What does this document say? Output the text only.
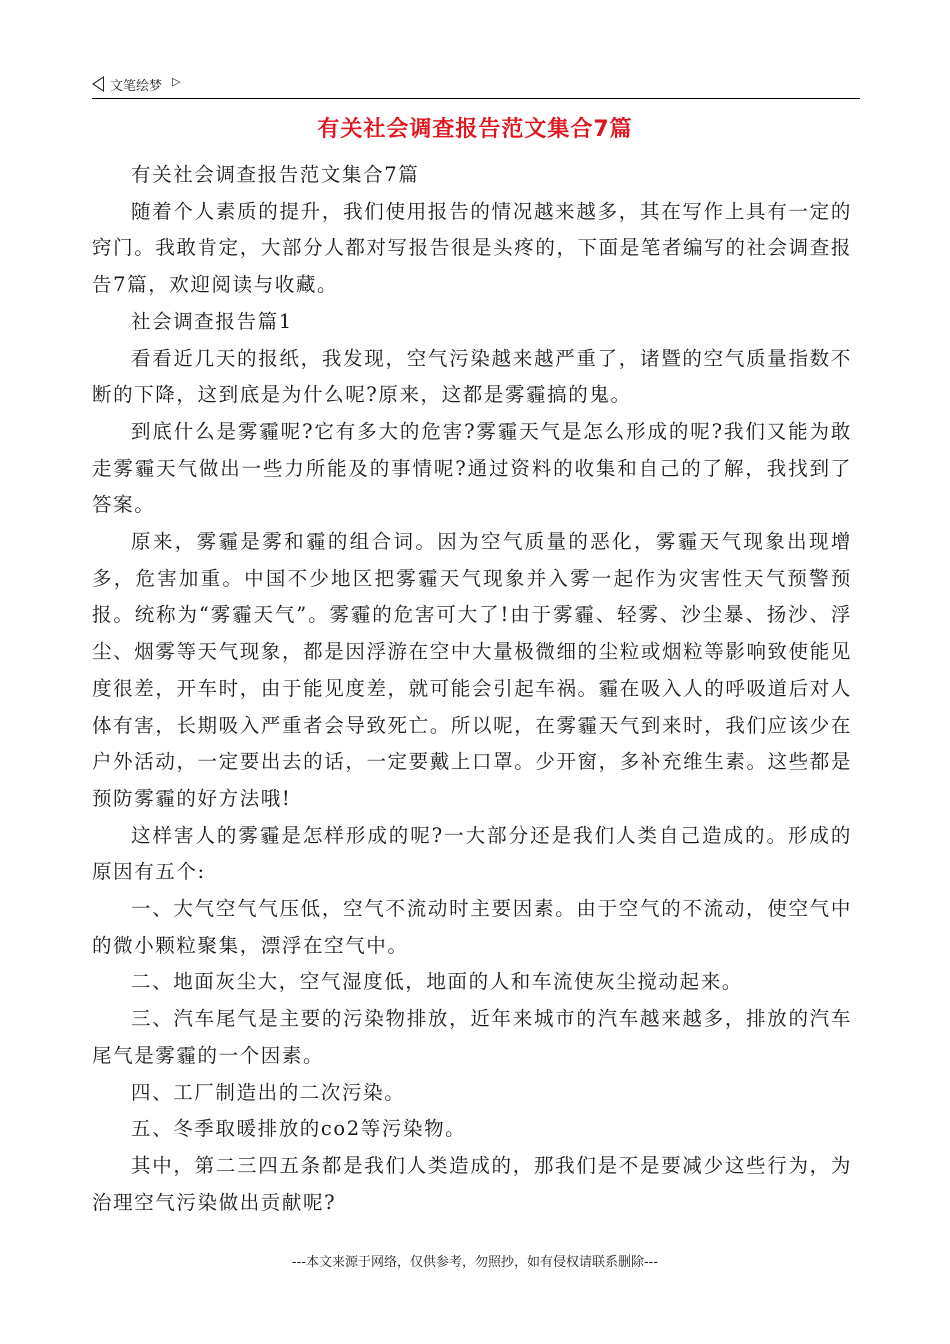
文笔绘梦 ▷
有关社会调查报告范文集合7篇

有关社会调查报告范文集合7篇

随着个人素质的提升，我们使用报告的情况越来越多，其在写作上具有一定的窍门。我敢肯定，大部分人都对写报告很是头疼的，下面是笔者编写的社会调查报告7篇，欢迎阅读与收藏。

社会调查报告篇1

看看近几天的报纸，我发现，空气污染越来越严重了，诸暨的空气质量指数不断的下降，这到底是为什么呢?原来，这都是雾霾搞的鬼。

到底什么是雾霾呢?它有多大的危害?雾霾天气是怎么形成的呢?我们又能为敢走雾霾天气做出一些力所能及的事情呢?通过资料的收集和自己的了解，我找到了答案。

原来，雾霾是雾和霾的组合词。因为空气质量的恶化，雾霾天气现象出现增多，危害加重。中国不少地区把雾霾天气现象并入雾一起作为灾害性天气预警预报。统称为“雾霾天气”。雾霾的危害可大了!由于雾霾、轻雾、沙尘暴、扬沙、浮尘、烟雾等天气现象，都是因浮游在空中大量极微细的尘粒或烟粒等影响致使能见度很差，开车时，由于能见度差，就可能会引起车祸。霾在吸入人的呼吸道后对人体有害，长期吸入严重者会导致死亡。所以呢，在雾霾天气到来时，我们应该少在户外活动，一定要出去的话，一定要戴上口罩。少开窗，多补充维生素。这些都是预防雾霾的好方法哦!

这样害人的雾霾是怎样形成的呢?一大部分还是我们人类自己造成的。形成的原因有五个:

一、大气空气气压低，空气不流动时主要因素。由于空气的不流动，使空气中的微小颗粒聚集，漂浮在空气中。

二、地面灰尘大，空气湿度低，地面的人和车流使灰尘搅动起来。

三、汽车尾气是主要的污染物排放，近年来城市的汽车越来越多，排放的汽车尾气是雾霾的一个因素。

四、工厂制造出的二次污染。

五、冬季取暖排放的co2等污染物。

其中，第二三四五条都是我们人类造成的，那我们是不是要减少这些行为，为治理空气污染做出贡献呢?

---本文来源于网络，仅供参考，勿照抄，如有侵权请联系删除---
